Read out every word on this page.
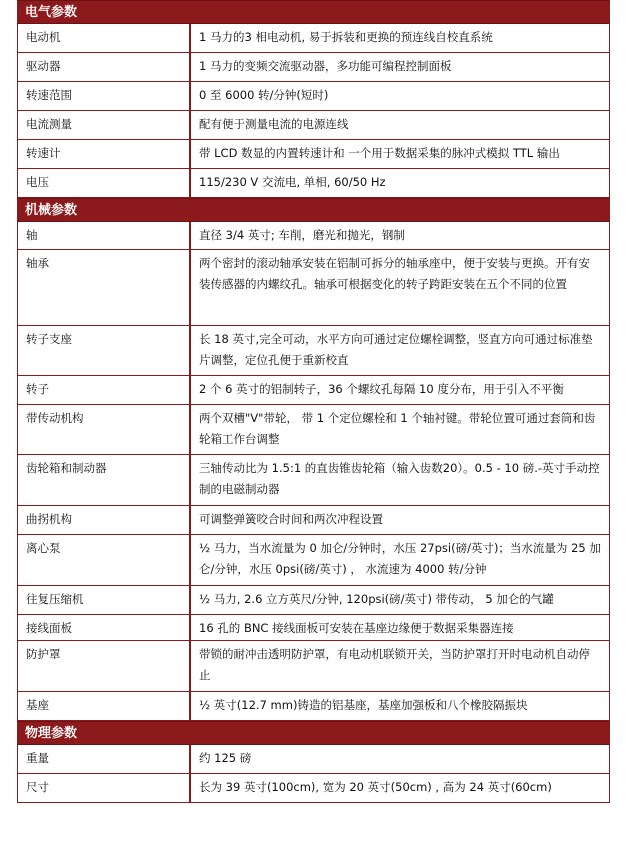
电气参数
电动机	1 马力的3 相电动机, 易于拆装和更换的预连线自校直系统
驱动器	1 马力的变频交流驱动器，多功能可编程控制面板
转速范围	0 至 6000 转/分钟(短时)
电流测量	配有便于测量电流的电源连线
转速计	带 LCD 数显的内置转速计和 一个用于数据采集的脉冲式模拟 TTL 输出
电压	115/230 V 交流电, 单相, 60/50 Hz
机械参数
轴	直径 3/4 英寸; 车削，磨光和抛光，钢制
轴承	两个密封的滚动轴承安装在铝制可拆分的轴承座中，便于安装与更换。开有安装传感器的内螺纹孔。轴承可根据变化的转子跨距安装在五个不同的位置
转子支座	长 18 英寸,完全可动，水平方向可通过定位螺栓调整，竖直方向可通过标准垫片调整，定位孔便于重新校直
转子	2 个 6 英寸的铝制转子，36 个螺纹孔每隔 10 度分布，用于引入不平衡
带传动机构	两个双槽"V"带轮， 带 1 个定位螺栓和 1 个轴衬键。带轮位置可通过套筒和齿轮箱工作台调整
齿轮箱和制动器	三轴传动比为 1.5:1 的直齿锥齿轮箱（输入齿数20）。0.5 - 10 磅.-英寸手动控制的电磁制动器
曲拐机构	可调整弹簧咬合时间和两次冲程设置
离心泵	½ 马力，当水流量为 0 加仑/分钟时，水压 27psi(磅/英寸)；当水流量为 25 加仑/分钟，水压 0psi(磅/英寸) ， 水流速为 4000 转/分钟
往复压缩机	½ 马力, 2.6 立方英尺/分钟, 120psi(磅/英寸) 带传动， 5 加仑的气罐
接线面板	16 孔的 BNC 接线面板可安装在基座边缘便于数据采集器连接
防护罩	带锁的耐冲击透明防护罩，有电动机联锁开关，当防护罩打开时电动机自动停止
基座	½ 英寸(12.7 mm)铸造的铝基座，基座加强板和八个橡胶隔振块
物理参数
重量	约 125 磅
尺寸	长为 39 英寸(100cm), 宽为 20 英寸(50cm) , 高为 24 英寸(60cm)
